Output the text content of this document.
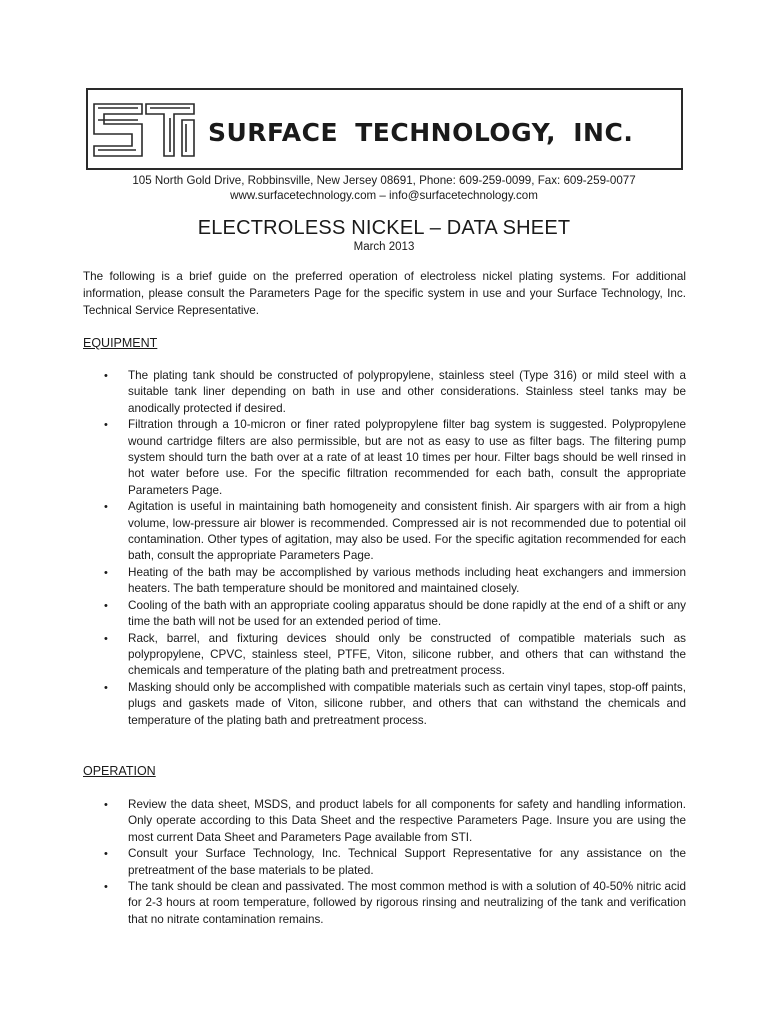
SURFACE TECHNOLOGY, INC.
105 North Gold Drive, Robbinsville, New Jersey 08691, Phone: 609-259-0099, Fax: 609-259-0077
www.surfacetechnology.com – info@surfacetechnology.com
ELECTROLESS NICKEL – DATA SHEET
March 2013

The following is a brief guide on the preferred operation of electroless nickel plating systems. For additional information, please consult the Parameters Page for the specific system in use and your Surface Technology, Inc. Technical Service Representative.

EQUIPMENT
• The plating tank should be constructed of polypropylene, stainless steel (Type 316) or mild steel with a suitable tank liner depending on bath in use and other considerations. Stainless steel tanks may be anodically protected if desired.
• Filtration through a 10-micron or finer rated polypropylene filter bag system is suggested. Polypropylene wound cartridge filters are also permissible, but are not as easy to use as filter bags. The filtering pump system should turn the bath over at a rate of at least 10 times per hour. Filter bags should be well rinsed in hot water before use. For the specific filtration recommended for each bath, consult the appropriate Parameters Page.
• Agitation is useful in maintaining bath homogeneity and consistent finish. Air spargers with air from a high volume, low-pressure air blower is recommended. Compressed air is not recommended due to potential oil contamination. Other types of agitation, may also be used. For the specific agitation recommended for each bath, consult the appropriate Parameters Page.
• Heating of the bath may be accomplished by various methods including heat exchangers and immersion heaters. The bath temperature should be monitored and maintained closely.
• Cooling of the bath with an appropriate cooling apparatus should be done rapidly at the end of a shift or any time the bath will not be used for an extended period of time.
• Rack, barrel, and fixturing devices should only be constructed of compatible materials such as polypropylene, CPVC, stainless steel, PTFE, Viton, silicone rubber, and others that can withstand the chemicals and temperature of the plating bath and pretreatment process.
• Masking should only be accomplished with compatible materials such as certain vinyl tapes, stop-off paints, plugs and gaskets made of Viton, silicone rubber, and others that can withstand the chemicals and temperature of the plating bath and pretreatment process.
OPERATION
• Review the data sheet, MSDS, and product labels for all components for safety and handling information. Only operate according to this Data Sheet and the respective Parameters Page. Insure you are using the most current Data Sheet and Parameters Page available from STI.
• Consult your Surface Technology, Inc. Technical Support Representative for any assistance on the pretreatment of the base materials to be plated.
• The tank should be clean and passivated. The most common method is with a solution of 40-50% nitric acid for 2-3 hours at room temperature, followed by rigorous rinsing and neutralizing of the tank and verification that no nitrate contamination remains.
